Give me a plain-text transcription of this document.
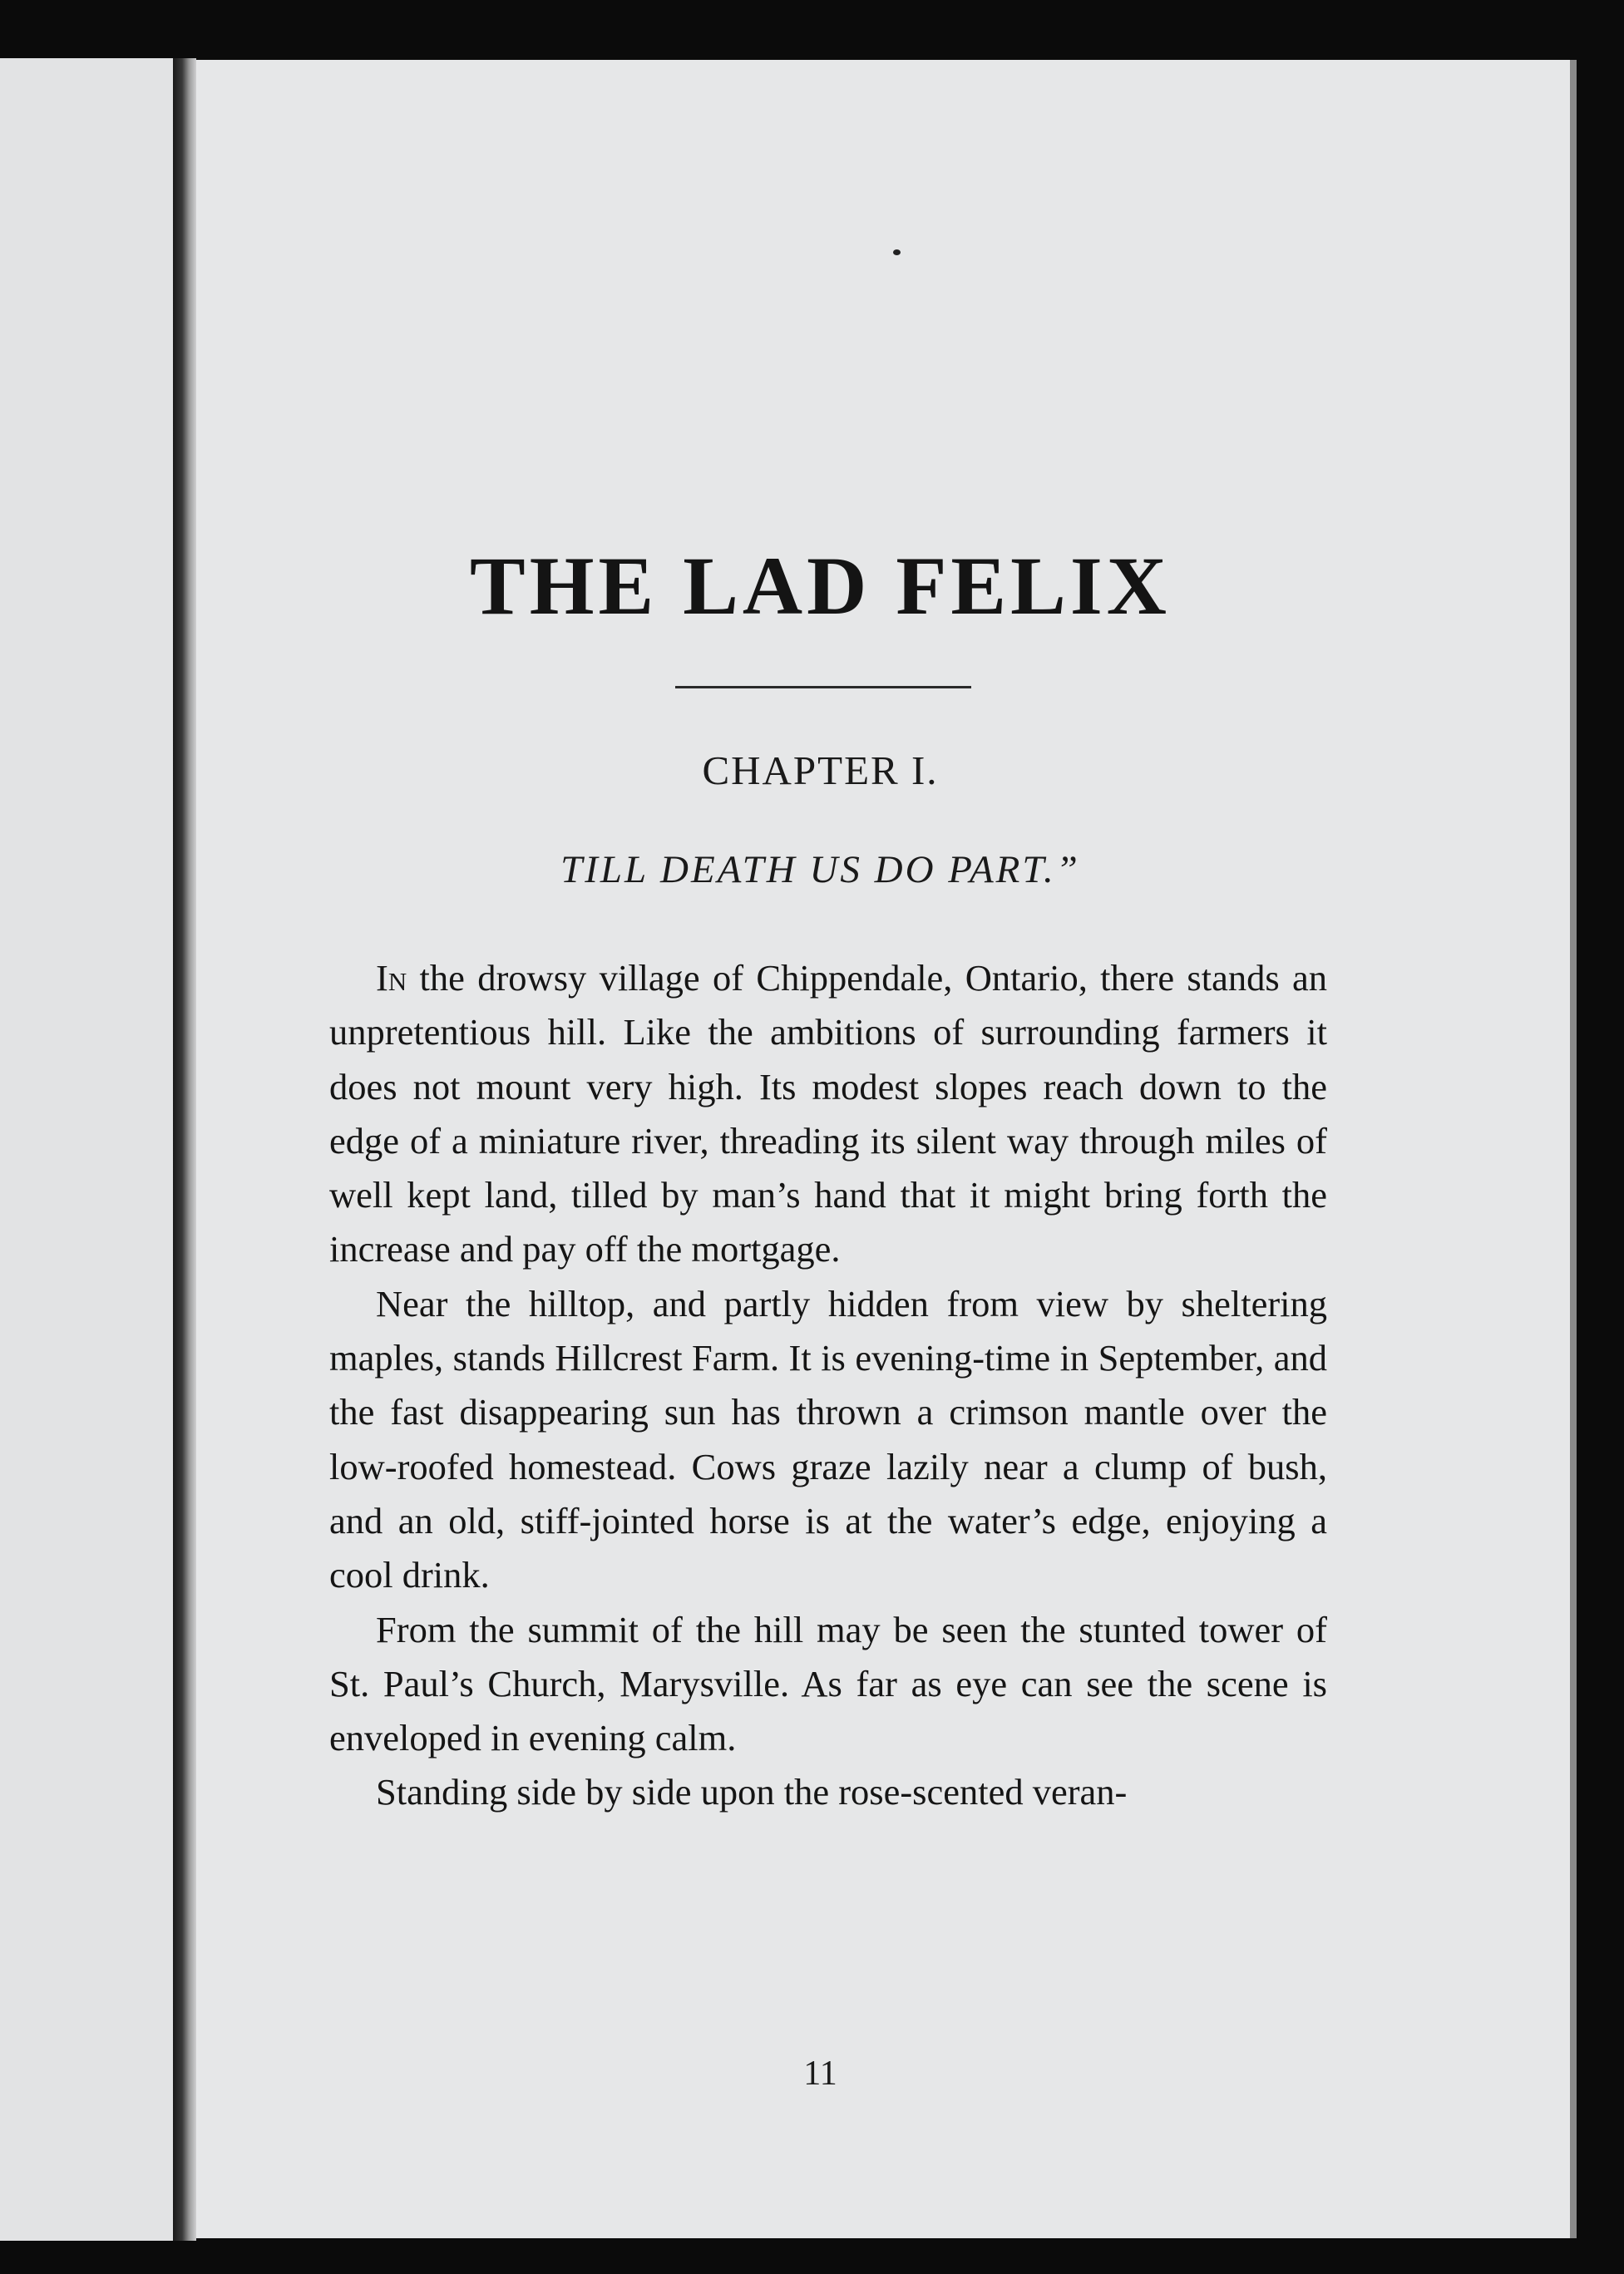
THE LAD FELIX
CHAPTER I.
TILL DEATH US DO PART.”

In the drowsy village of Chippendale, Ontario, there stands an unpretentious hill. Like the ambitions of surrounding farmers it does not mount very high. Its modest slopes reach down to the edge of a miniature river, threading its silent way through miles of well kept land, tilled by man’s hand that it might bring forth the increase and pay off the mortgage.

Near the hilltop, and partly hidden from view by sheltering maples, stands Hillcrest Farm. It is evening-time in September, and the fast disappearing sun has thrown a crimson mantle over the low-roofed homestead. Cows graze lazily near a clump of bush, and an old, stiff-jointed horse is at the water’s edge, enjoying a cool drink.

From the summit of the hill may be seen the stunted tower of St. Paul’s Church, Marysville. As far as eye can see the scene is enveloped in evening calm.

Standing side by side upon the rose-scented veran-

11
